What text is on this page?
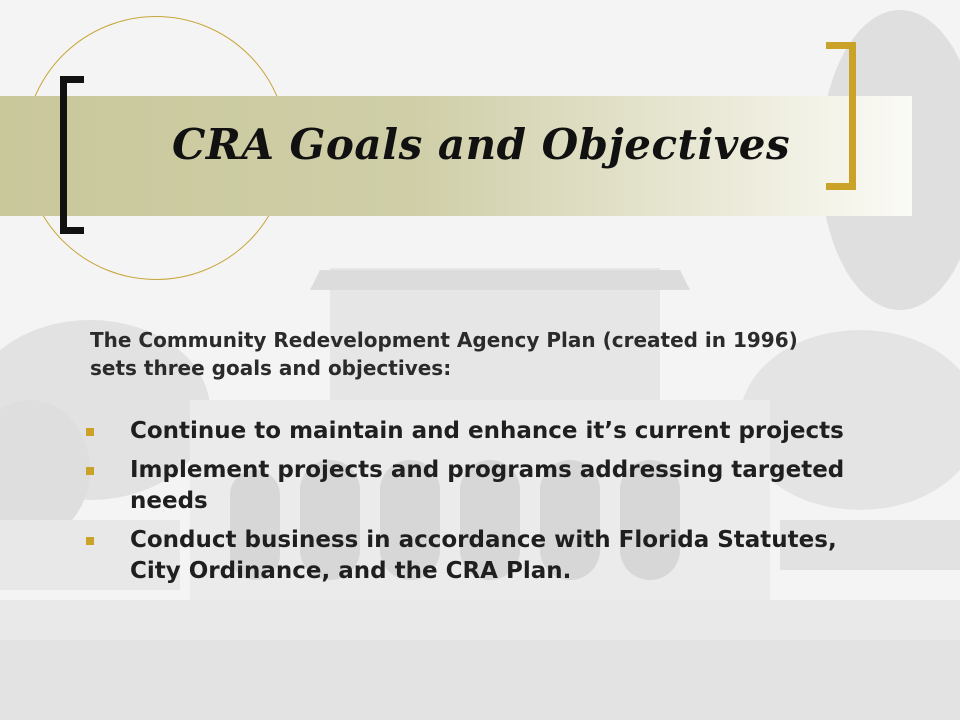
CRA Goals and Objectives

The Community Redevelopment Agency Plan (created in 1996) sets three goals and objectives:

Continue to maintain and enhance it’s current projects
Implement projects and programs addressing targeted needs
Conduct business in accordance with Florida Statutes, City Ordinance, and the CRA Plan.
